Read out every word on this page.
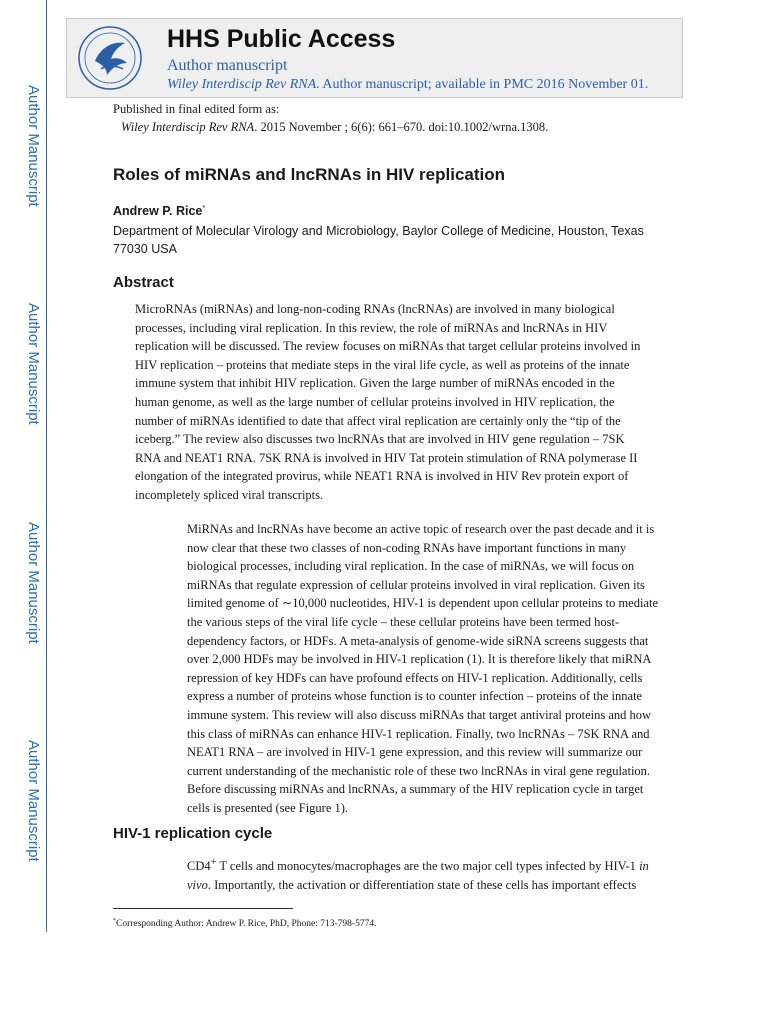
Author Manuscript
Author Manuscript
Author Manuscript
Author Manuscript
HHS Public Access
Author manuscript
Wiley Interdiscip Rev RNA. Author manuscript; available in PMC 2016 November 01.
Published in final edited form as:
Wiley Interdiscip Rev RNA. 2015 November ; 6(6): 661–670. doi:10.1002/wrna.1308.
Roles of miRNAs and lncRNAs in HIV replication
Andrew P. Rice*
Department of Molecular Virology and Microbiology, Baylor College of Medicine, Houston, Texas 77030 USA
Abstract
MicroRNAs (miRNAs) and long-non-coding RNAs (lncRNAs) are involved in many biological processes, including viral replication. In this review, the role of miRNAs and lncRNAs in HIV replication will be discussed. The review focuses on miRNAs that target cellular proteins involved in HIV replication – proteins that mediate steps in the viral life cycle, as well as proteins of the innate immune system that inhibit HIV replication. Given the large number of miRNAs encoded in the human genome, as well as the large number of cellular proteins involved in HIV replication, the number of miRNAs identified to date that affect viral replication are certainly only the “tip of the iceberg.” The review also discusses two lncRNAs that are involved in HIV gene regulation – 7SK RNA and NEAT1 RNA. 7SK RNA is involved in HIV Tat protein stimulation of RNA polymerase II elongation of the integrated provirus, while NEAT1 RNA is involved in HIV Rev protein export of incompletely spliced viral transcripts.
MiRNAs and lncRNAs have become an active topic of research over the past decade and it is now clear that these two classes of non-coding RNAs have important functions in many biological processes, including viral replication. In the case of miRNAs, we will focus on miRNAs that regulate expression of cellular proteins involved in viral replication. Given its limited genome of ∼10,000 nucleotides, HIV-1 is dependent upon cellular proteins to mediate the various steps of the viral life cycle – these cellular proteins have been termed host-dependency factors, or HDFs. A meta-analysis of genome-wide siRNA screens suggests that over 2,000 HDFs may be involved in HIV-1 replication (1). It is therefore likely that miRNA repression of key HDFs can have profound effects on HIV-1 replication. Additionally, cells express a number of proteins whose function is to counter infection – proteins of the innate immune system. This review will also discuss miRNAs that target antiviral proteins and how this class of miRNAs can enhance HIV-1 replication. Finally, two lncRNAs – 7SK RNA and NEAT1 RNA – are involved in HIV-1 gene expression, and this review will summarize our current understanding of the mechanistic role of these two lncRNAs in viral gene regulation. Before discussing miRNAs and lncRNAs, a summary of the HIV replication cycle in target cells is presented (see Figure 1).
HIV-1 replication cycle
CD4+ T cells and monocytes/macrophages are the two major cell types infected by HIV-1 in vivo. Importantly, the activation or differentiation state of these cells has important effects
*Corresponding Author: Andrew P. Rice, PhD, Phone: 713-798-5774.
